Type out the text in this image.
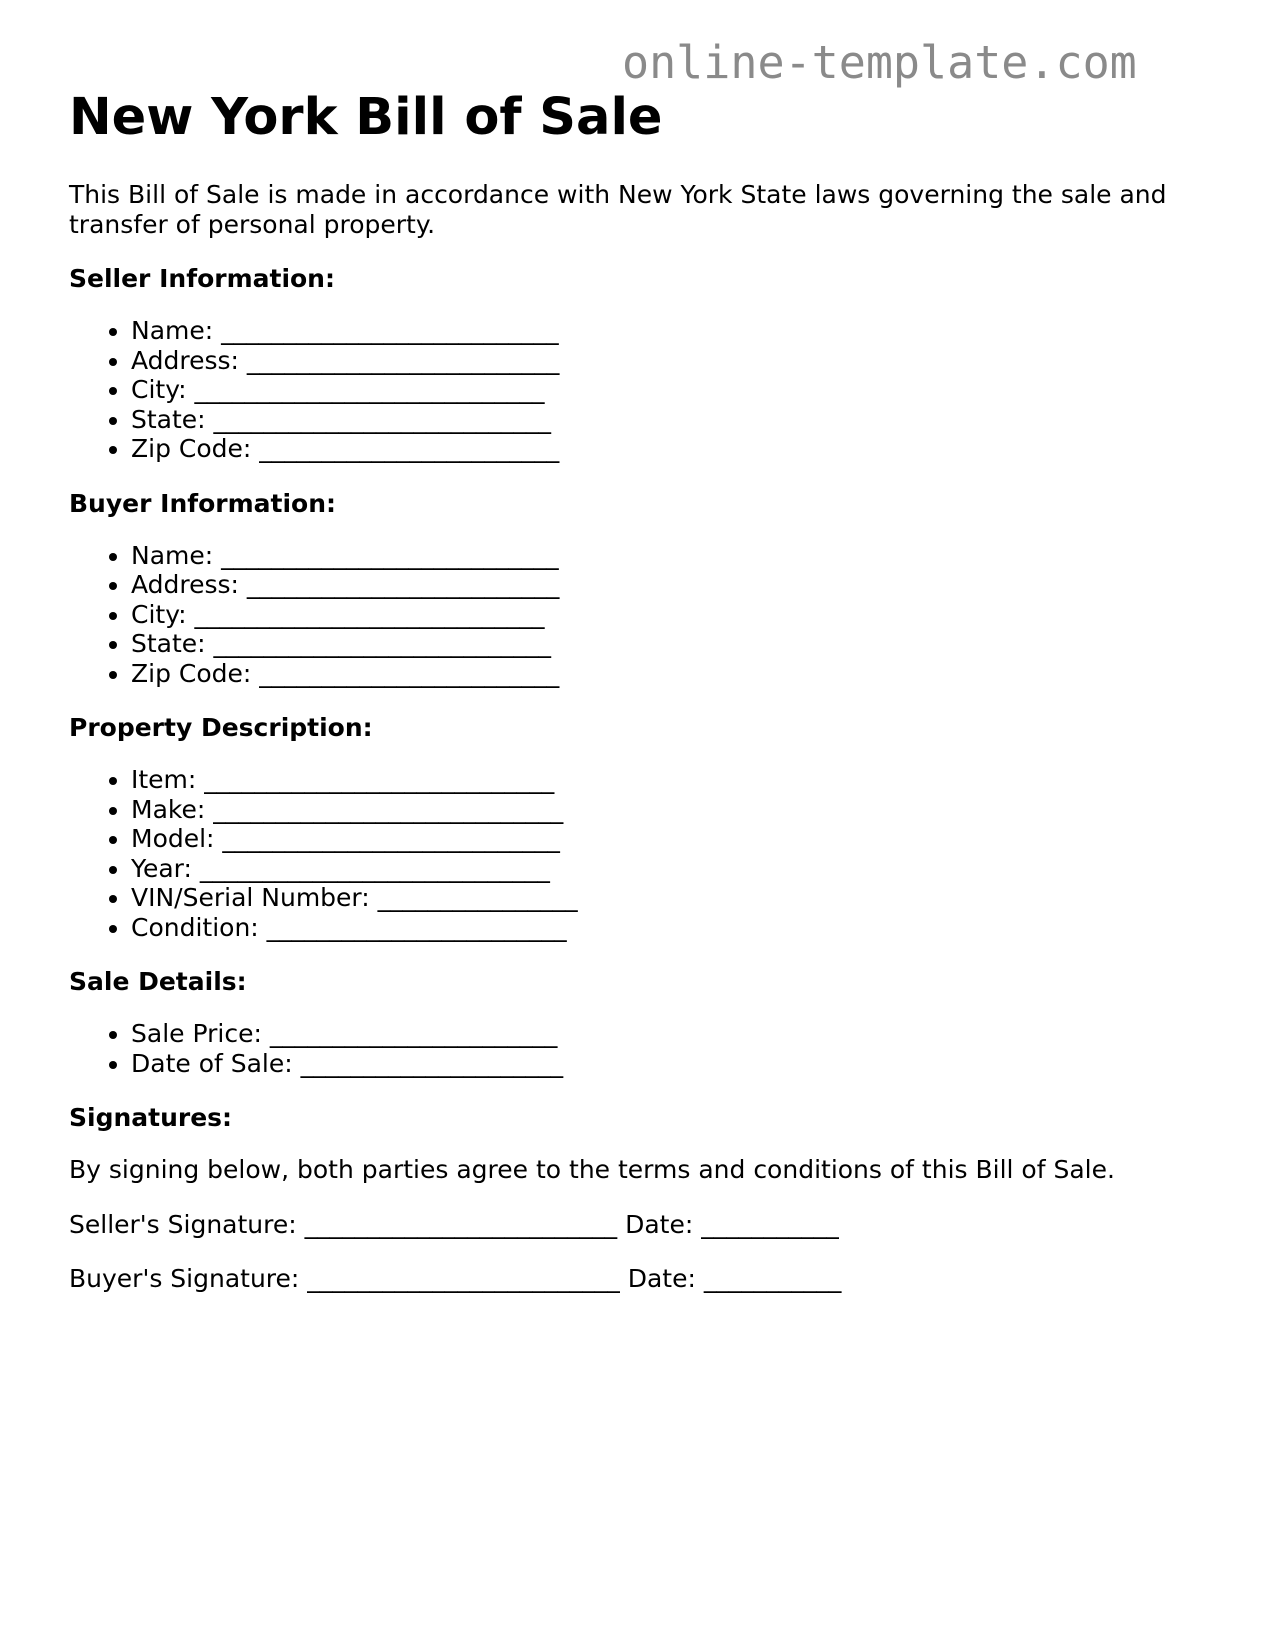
online-template.com
New York Bill of Sale

This Bill of Sale is made in accordance with New York State laws governing the sale and transfer of personal property.

Seller Information:
• Name: ___________________________
• Address: _________________________
• City: ____________________________
• State: ___________________________
• Zip Code: ________________________
Buyer Information:
• Name: ___________________________
• Address: _________________________
• City: ____________________________
• State: ___________________________
• Zip Code: ________________________
Property Description:
• Item: ____________________________
• Make: ____________________________
• Model: ___________________________
• Year: ____________________________
• VIN/Serial Number: ________________
• Condition: ________________________
Sale Details:
• Sale Price: _______________________
• Date of Sale: _____________________
Signatures:

By signing below, both parties agree to the terms and conditions of this Bill of Sale.

Seller's Signature: _________________________ Date: ___________
Buyer's Signature: _________________________ Date: ___________
